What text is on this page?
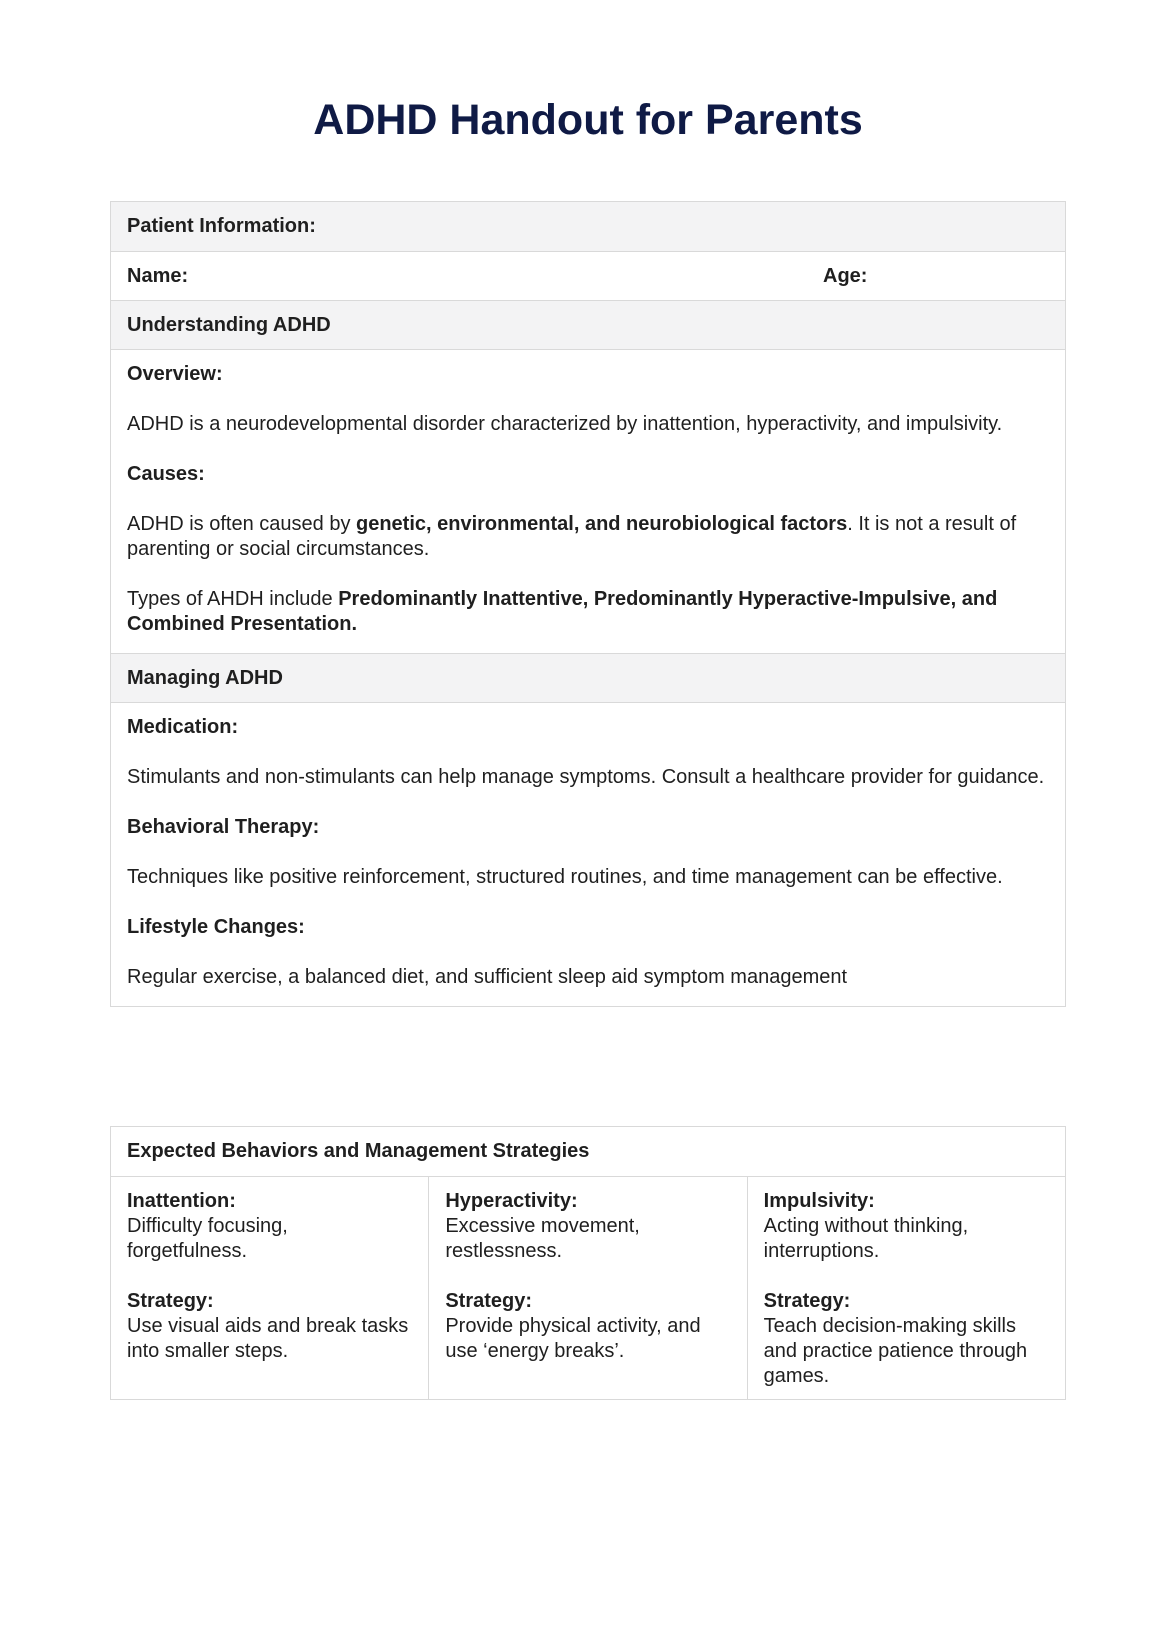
ADHD Handout for Parents
Patient Information:
Name:	Age:
Understanding ADHD

Overview:

ADHD is a neurodevelopmental disorder characterized by inattention, hyperactivity, and impulsivity.

Causes:

ADHD is often caused by genetic, environmental, and neurobiological factors. It is not a result of parenting or social circumstances.

Types of AHDH include Predominantly Inattentive, Predominantly Hyperactive-Impulsive, and Combined Presentation.

Managing ADHD

Medication:

Stimulants and non-stimulants can help manage symptoms. Consult a healthcare provider for guidance.

Behavioral Therapy:

Techniques like positive reinforcement, structured routines, and time management can be effective.

Lifestyle Changes:

Regular exercise, a balanced diet, and sufficient sleep aid symptom management

Expected Behaviors and Management Strategies
Inattention:
Difficulty focusing, forgetfulness.
Strategy:
Use visual aids and break tasks into smaller steps.
Hyperactivity:
Excessive movement, restlessness.
Strategy:
Provide physical activity, and use ‘energy breaks’.
Impulsivity:
Acting without thinking, interruptions.
Strategy:
Teach decision-making skills and practice patience through games.
